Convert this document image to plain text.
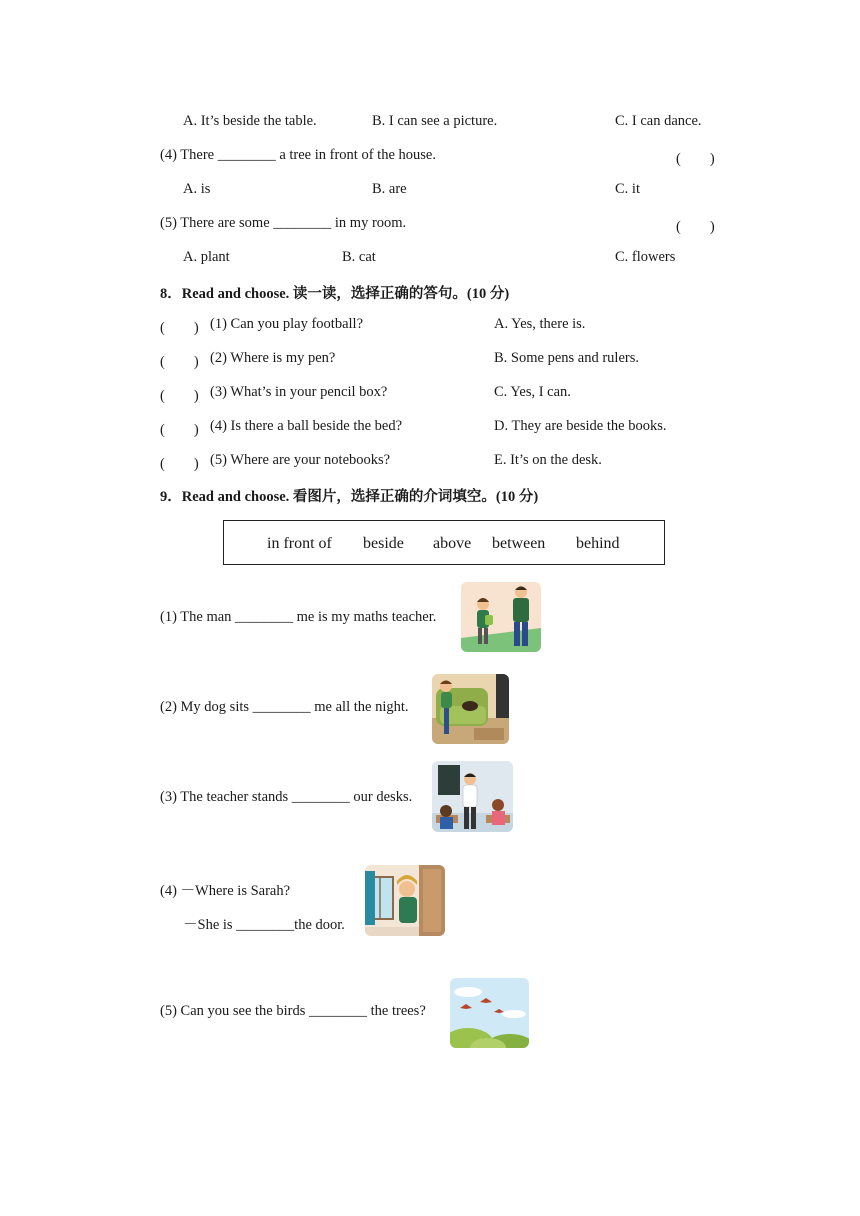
A. It’s beside the table.	B. I can see a picture.	C. I can dance.
(4) There ________ a tree in front of the house.	(　　)
A. is	B. are	C. it
(5) There are some ________ in my room.	(　　)
A. plant	B. cat	C. flowers
8．Read and choose. 读一读，选择正确的答句。(10 分)
(　　) (1) Can you play football?	A. Yes, there is.
(　　) (2) Where is my pen?	B. Some pens and rulers.
(　　) (3) What’s in your pencil box?	C. Yes, I can.
(　　) (4) Is there a ball beside the bed?	D. They are beside the books.
(　　) (5) Where are your notebooks?	E. It’s on the desk.
9．Read and choose. 看图片，选择正确的介词填空。(10 分)
in front of beside above between behind
(1) The man ________ me is my maths teacher.
(2) My dog sits ________ me all the night.
(3) The teacher stands ________ our desks.
(4) －Where is Sarah?
－She is ________the door.
(5) Can you see the birds ________ the trees?
